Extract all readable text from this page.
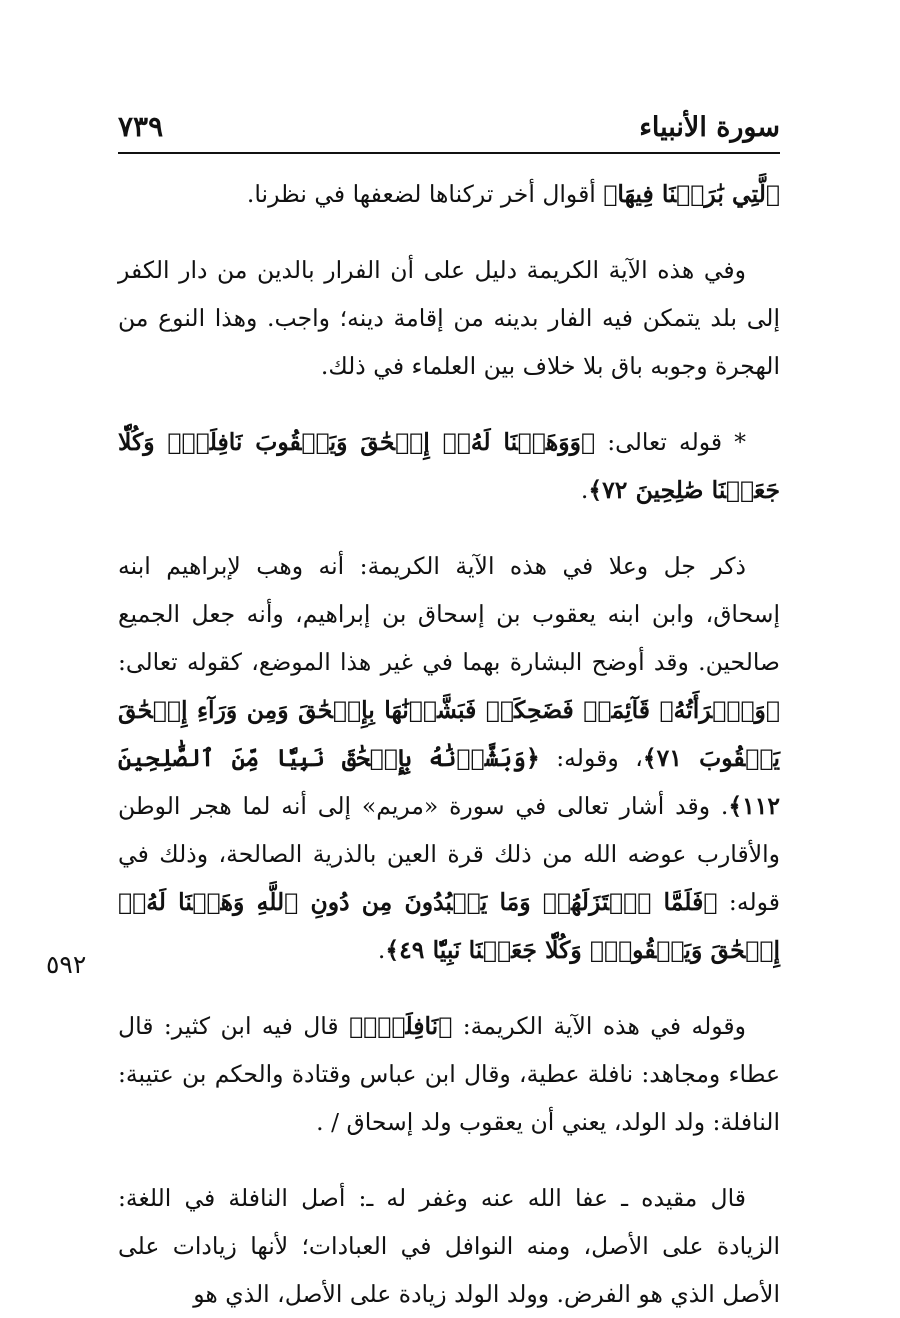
سورة الأنبياء
٧٣٩
٥٩٢

ٱلَّتِي بَٰرَكۡنَا فِيهَا﴾ أقوال أخر تركناها لضعفها في نظرنا.

وفي هذه الآية الكريمة دليل على أن الفرار بالدين من دار الكفر إلى بلد يتمكن فيه الفار بدينه من إقامة دينه؛ واجب. وهذا النوع من الهجرة وجوبه باق بلا خلاف بين العلماء في ذلك.

* قوله تعالى: ﴿وَوَهَبۡنَا لَهُۥٓ إِسۡحَٰقَ وَيَعۡقُوبَ نَافِلَةٗۖ وَكُلّٗا جَعَلۡنَا صَٰلِحِينَ ٧٢﴾.

ذكر جل وعلا في هذه الآية الكريمة: أنه وهب لإبراهيم ابنه إسحاق، وابن ابنه يعقوب بن إسحاق بن إبراهيم، وأنه جعل الجميع صالحين. وقد أوضح البشارة بهما في غير هذا الموضع، كقوله تعالى: ﴿وَٱمۡرَأَتُهُۥ قَآئِمَةٞ فَضَحِكَتۡ فَبَشَّرۡنَٰهَا بِإِسۡحَٰقَ وَمِن وَرَآءِ إِسۡحَٰقَ يَعۡقُوبَ ٧١﴾، وقوله: ﴿وَبَشَّرۡنَٰهُ بِإِسۡحَٰقَ نَبِيّٗا مِّنَ ٱلصَّٰلِحِينَ ١١٢﴾. وقد أشار تعالى في سورة «مريم» إلى أنه لما هجر الوطن والأقارب عوضه الله من ذلك قرة العين بالذرية الصالحة، وذلك في قوله: ﴿فَلَمَّا ٱعۡتَزَلَهُمۡ وَمَا يَعۡبُدُونَ مِن دُونِ ٱللَّهِ وَهَبۡنَا لَهُۥٓ إِسۡحَٰقَ وَيَعۡقُوبَۖ وَكُلّٗا جَعَلۡنَا نَبِيّٗا ٤٩﴾.

وقوله في هذه الآية الكريمة: ﴿نَافِلَةٗۖ﴾ قال فيه ابن كثير: قال عطاء ومجاهد: نافلة عطية، وقال ابن عباس وقتادة والحكم بن عتيبة: النافلة: ولد الولد، يعني أن يعقوب ولد إسحاق / .

قال مقيده ـ عفا الله عنه وغفر له ـ: أصل النافلة في اللغة: الزيادة على الأصل، ومنه النوافل في العبادات؛ لأنها زيادات على الأصل الذي هو الفرض. وولد الولد زيادة على الأصل، الذي هو
